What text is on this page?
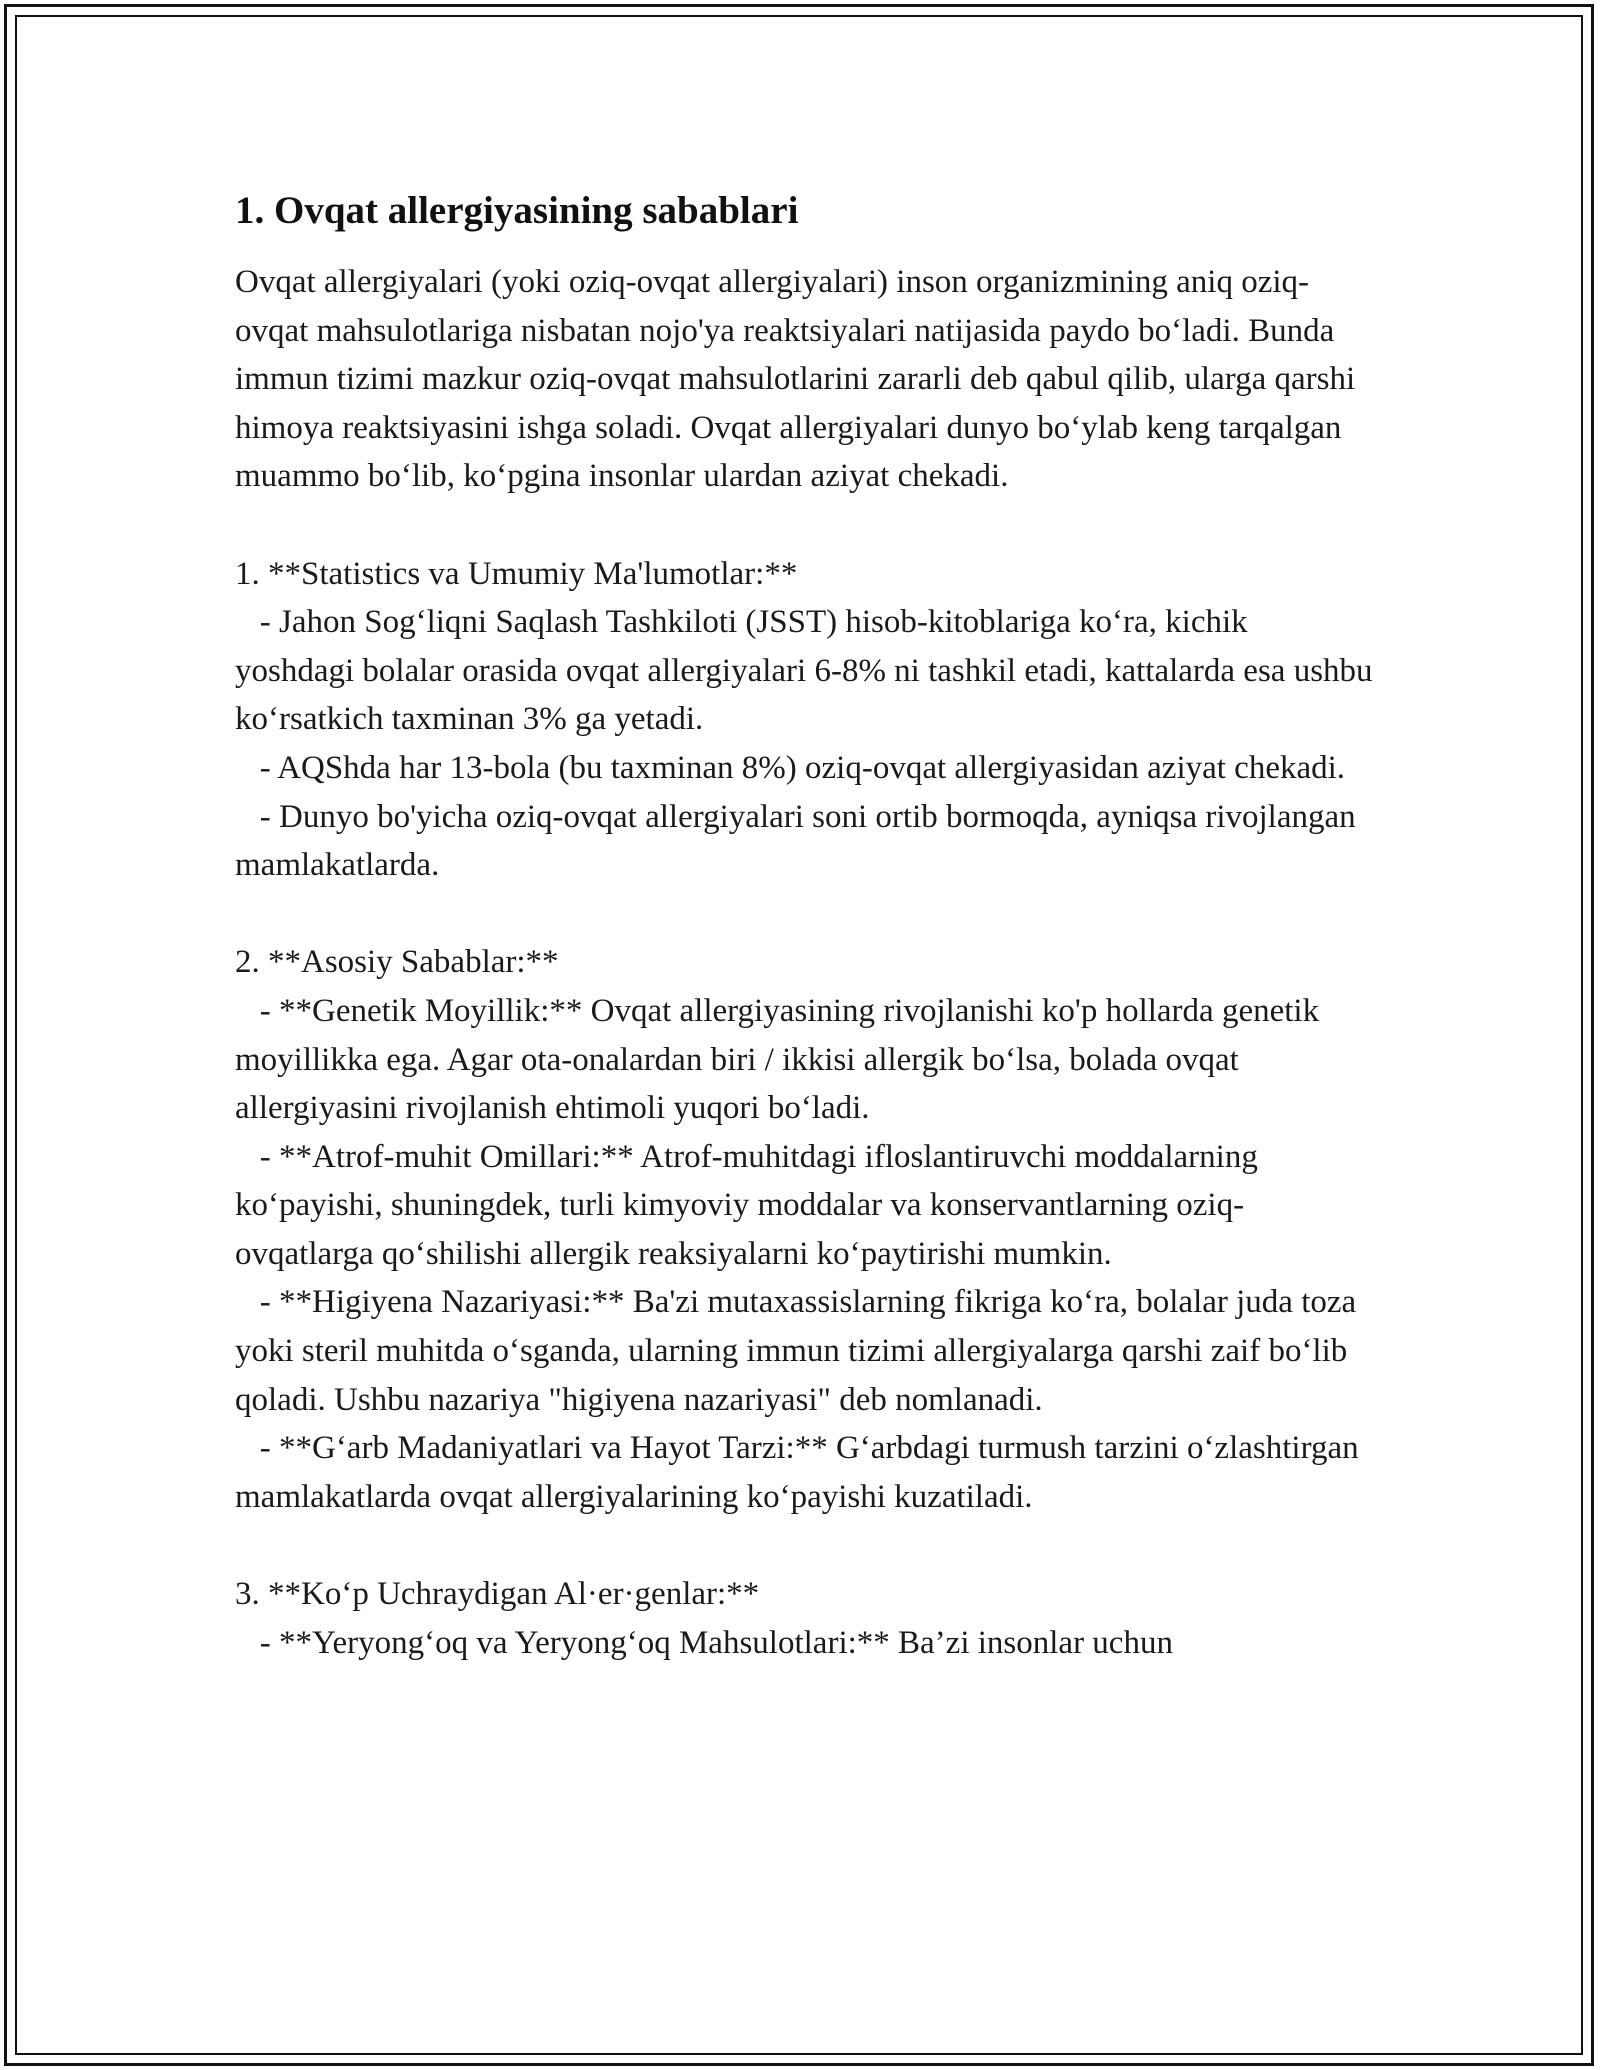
1. Ovqat allergiyasining sabablari

Ovqat allergiyalari (yoki oziq-ovqat allergiyalari) inson organizmining aniq oziq-ovqat mahsulotlariga nisbatan nojo'ya reaktsiyalari natijasida paydo bo‘ladi. Bunda immun tizimi mazkur oziq-ovqat mahsulotlarini zararli deb qabul qilib, ularga qarshi himoya reaktsiyasini ishga soladi. Ovqat allergiyalari dunyo bo‘ylab keng tarqalgan muammo bo‘lib, ko‘pgina insonlar ulardan aziyat chekadi.

1. **Statistics va Umumiy Ma'lumotlar:**

- Jahon Sog‘liqni Saqlash Tashkiloti (JSST) hisob-kitoblariga ko‘ra, kichik yoshdagi bolalar orasida ovqat allergiyalari 6-8% ni tashkil etadi, kattalarda esa ushbu ko‘rsatkich taxminan 3% ga yetadi.

- AQShda har 13-bola (bu taxminan 8%) oziq-ovqat allergiyasidan aziyat chekadi.

- Dunyo bo'yicha oziq-ovqat allergiyalari soni ortib bormoqda, ayniqsa rivojlangan mamlakatlarda.

2. **Asosiy Sabablar:**

- **Genetik Moyillik:** Ovqat allergiyasining rivojlanishi ko'p hollarda genetik moyillikka ega. Agar ota-onalardan biri / ikkisi allergik bo‘lsa, bolada ovqat allergiyasini rivojlanish ehtimoli yuqori bo‘ladi.

- **Atrof-muhit Omillari:** Atrof-muhitdagi ifloslantiruvchi moddalarning ko‘payishi, shuningdek, turli kimyoviy moddalar va konservantlarning oziq-ovqatlarga qo‘shilishi allergik reaksiyalarni ko‘paytirishi mumkin.

- **Higiyena Nazariyasi:** Ba'zi mutaxassislarning fikriga ko‘ra, bolalar juda toza yoki steril muhitda o‘sganda, ularning immun tizimi allergiyalarga qarshi zaif bo‘lib qoladi. Ushbu nazariya "higiyena nazariyasi" deb nomlanadi.

- **G‘arb Madaniyatlari va Hayot Tarzi:** G‘arbdagi turmush tarzini o‘zlashtirgan mamlakatlarda ovqat allergiyalarining ko‘payishi kuzatiladi.

3. **Ko‘p Uchraydigan Al·er·genlar:**

- **Yeryong‘oq va Yeryong‘oq Mahsulotlari:** Ba’zi insonlar uchun
